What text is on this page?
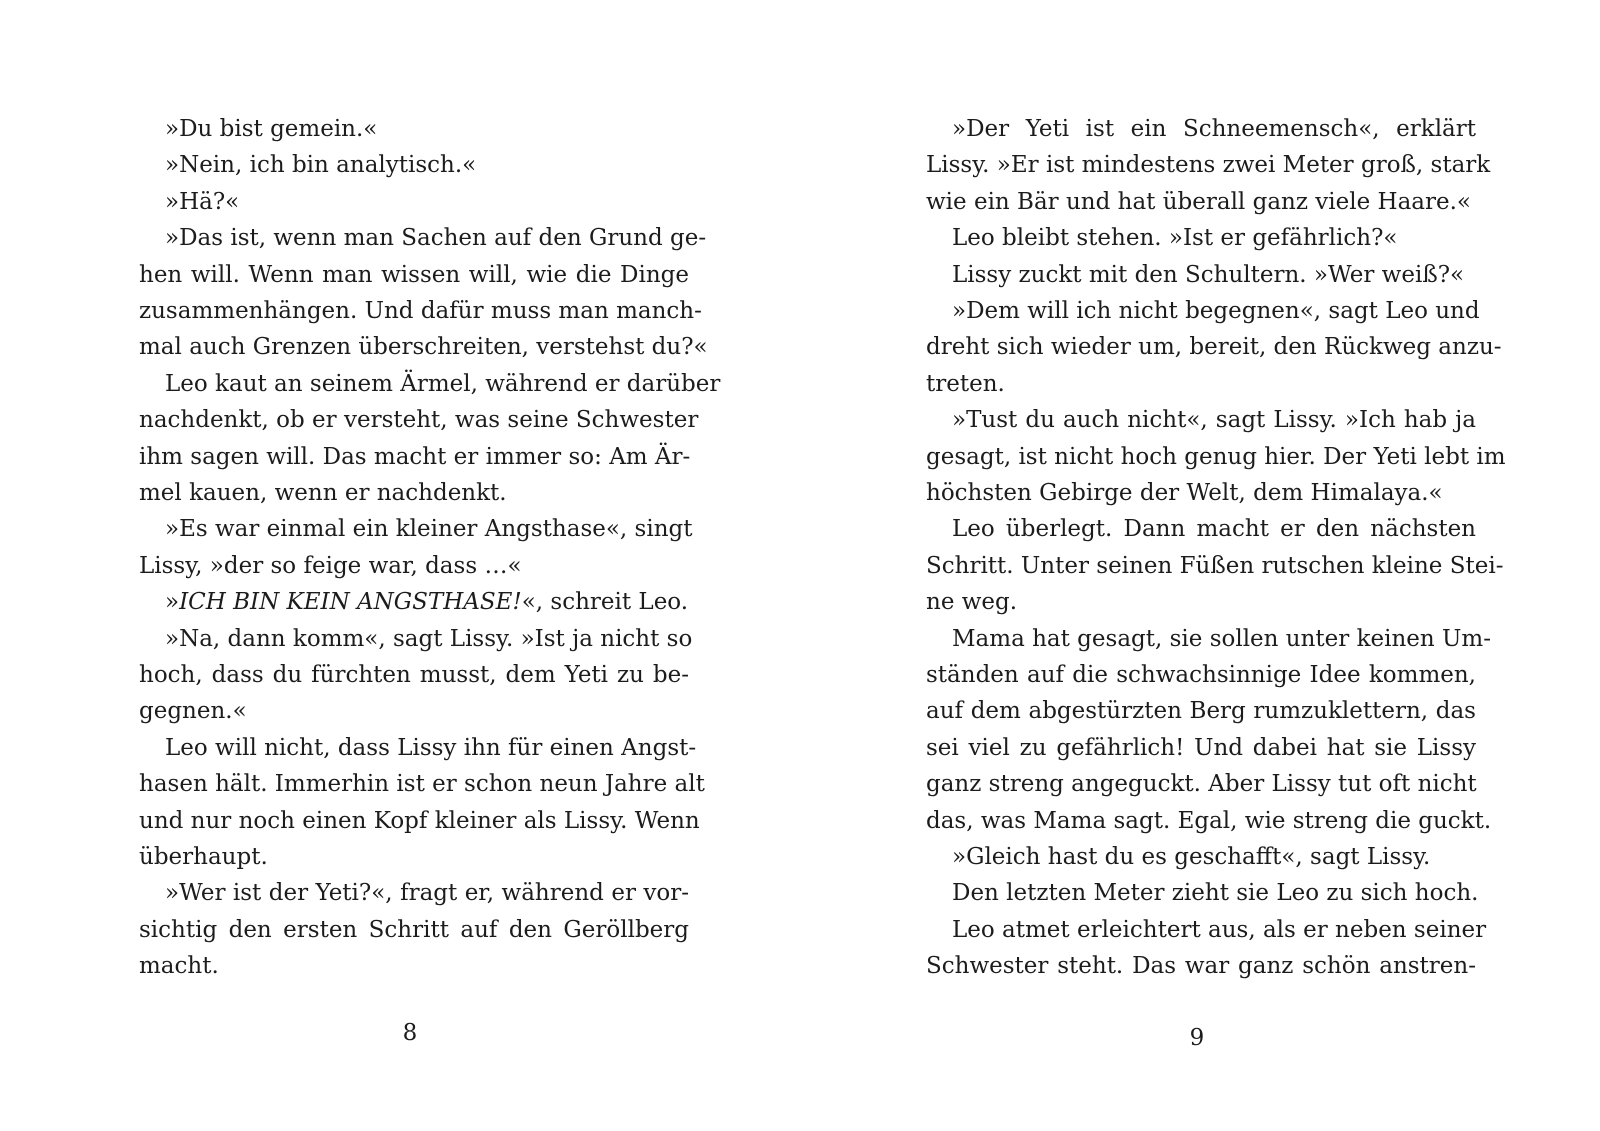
»Du bist gemein.«
»Nein, ich bin analytisch.«
»Hä?«
»Das ist, wenn man Sachen auf den Grund ge-
hen will. Wenn man wissen will, wie die Dinge
zusammenhängen. Und dafür muss man manch-
mal auch Grenzen überschreiten, verstehst du?«
Leo kaut an seinem Ärmel, während er darüber
nachdenkt, ob er versteht, was seine Schwester
ihm sagen will. Das macht er immer so: Am Är-
mel kauen, wenn er nachdenkt.
»Es war einmal ein kleiner Angsthase«, singt
Lissy, »der so feige war, dass …«
»ICH BIN KEIN ANGSTHASE!«, schreit Leo.
»Na, dann komm«, sagt Lissy. »Ist ja nicht so
hoch, dass du fürchten musst, dem Yeti zu be-
gegnen.«
Leo will nicht, dass Lissy ihn für einen Angst-
hasen hält. Immerhin ist er schon neun Jahre alt
und nur noch einen Kopf kleiner als Lissy. Wenn
überhaupt.
»Wer ist der Yeti?«, fragt er, während er vor-
sichtig den ersten Schritt auf den Geröllberg
macht.
8
»Der Yeti ist ein Schneemensch«, erklärt
Lissy. »Er ist mindestens zwei Meter groß, stark
wie ein Bär und hat überall ganz viele Haare.«
Leo bleibt stehen. »Ist er gefährlich?«
Lissy zuckt mit den Schultern. »Wer weiß?«
»Dem will ich nicht begegnen«, sagt Leo und
dreht sich wieder um, bereit, den Rückweg anzu-
treten.
»Tust du auch nicht«, sagt Lissy. »Ich hab ja
gesagt, ist nicht hoch genug hier. Der Yeti lebt im
höchsten Gebirge der Welt, dem Himalaya.«
Leo überlegt. Dann macht er den nächsten
Schritt. Unter seinen Füßen rutschen kleine Stei-
ne weg.
Mama hat gesagt, sie sollen unter keinen Um-
ständen auf die schwachsinnige Idee kommen,
auf dem abgestürzten Berg rumzuklettern, das
sei viel zu gefährlich! Und dabei hat sie Lissy
ganz streng angeguckt. Aber Lissy tut oft nicht
das, was Mama sagt. Egal, wie streng die guckt.
»Gleich hast du es geschafft«, sagt Lissy.
Den letzten Meter zieht sie Leo zu sich hoch.
Leo atmet erleichtert aus, als er neben seiner
Schwester steht. Das war ganz schön anstren-
9
